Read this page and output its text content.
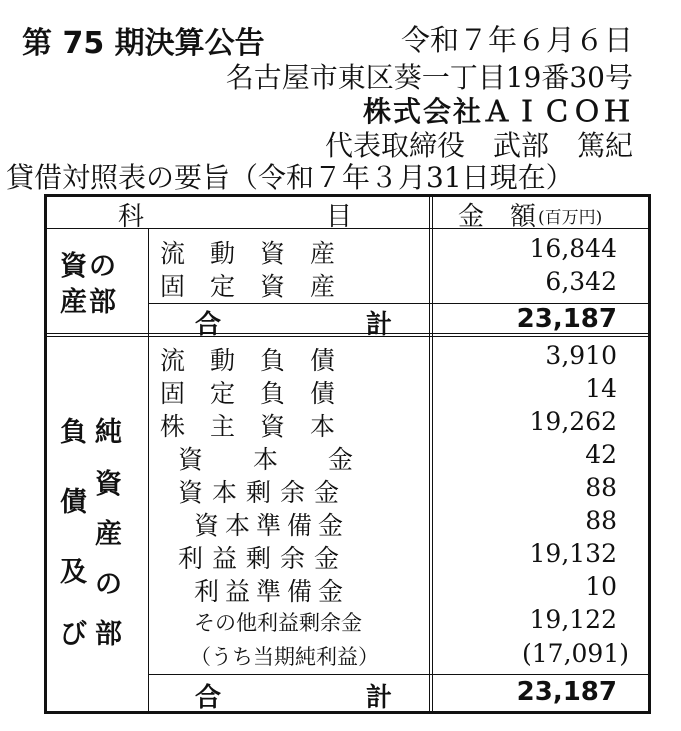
第 75 期決算公告	令和７年６月６日
名古屋市東区葵一丁目19番30号
株式会社ＡＩＣＯＨ
代表取締役　武部　篤紀
貸借対照表の要旨（令和７年３月31日現在）
科　　　　　　　目	金　額 (百万円)
資の
産部
流　動　資　産	16,844
固　定　資　産	6,342
合	計	23,187
負
債
及
び
純
資
産
の
部
流　動　負　債	3,910
固　定　負　債	14
株　主　資　本	19,262
資　　本　　金	42
資本剰余金	88
資本準備金	88
利益剰余金	19,132
利益準備金	10
その他利益剰余金	19,122
（うち当期純利益）	(17,091)
合	計	23,187
